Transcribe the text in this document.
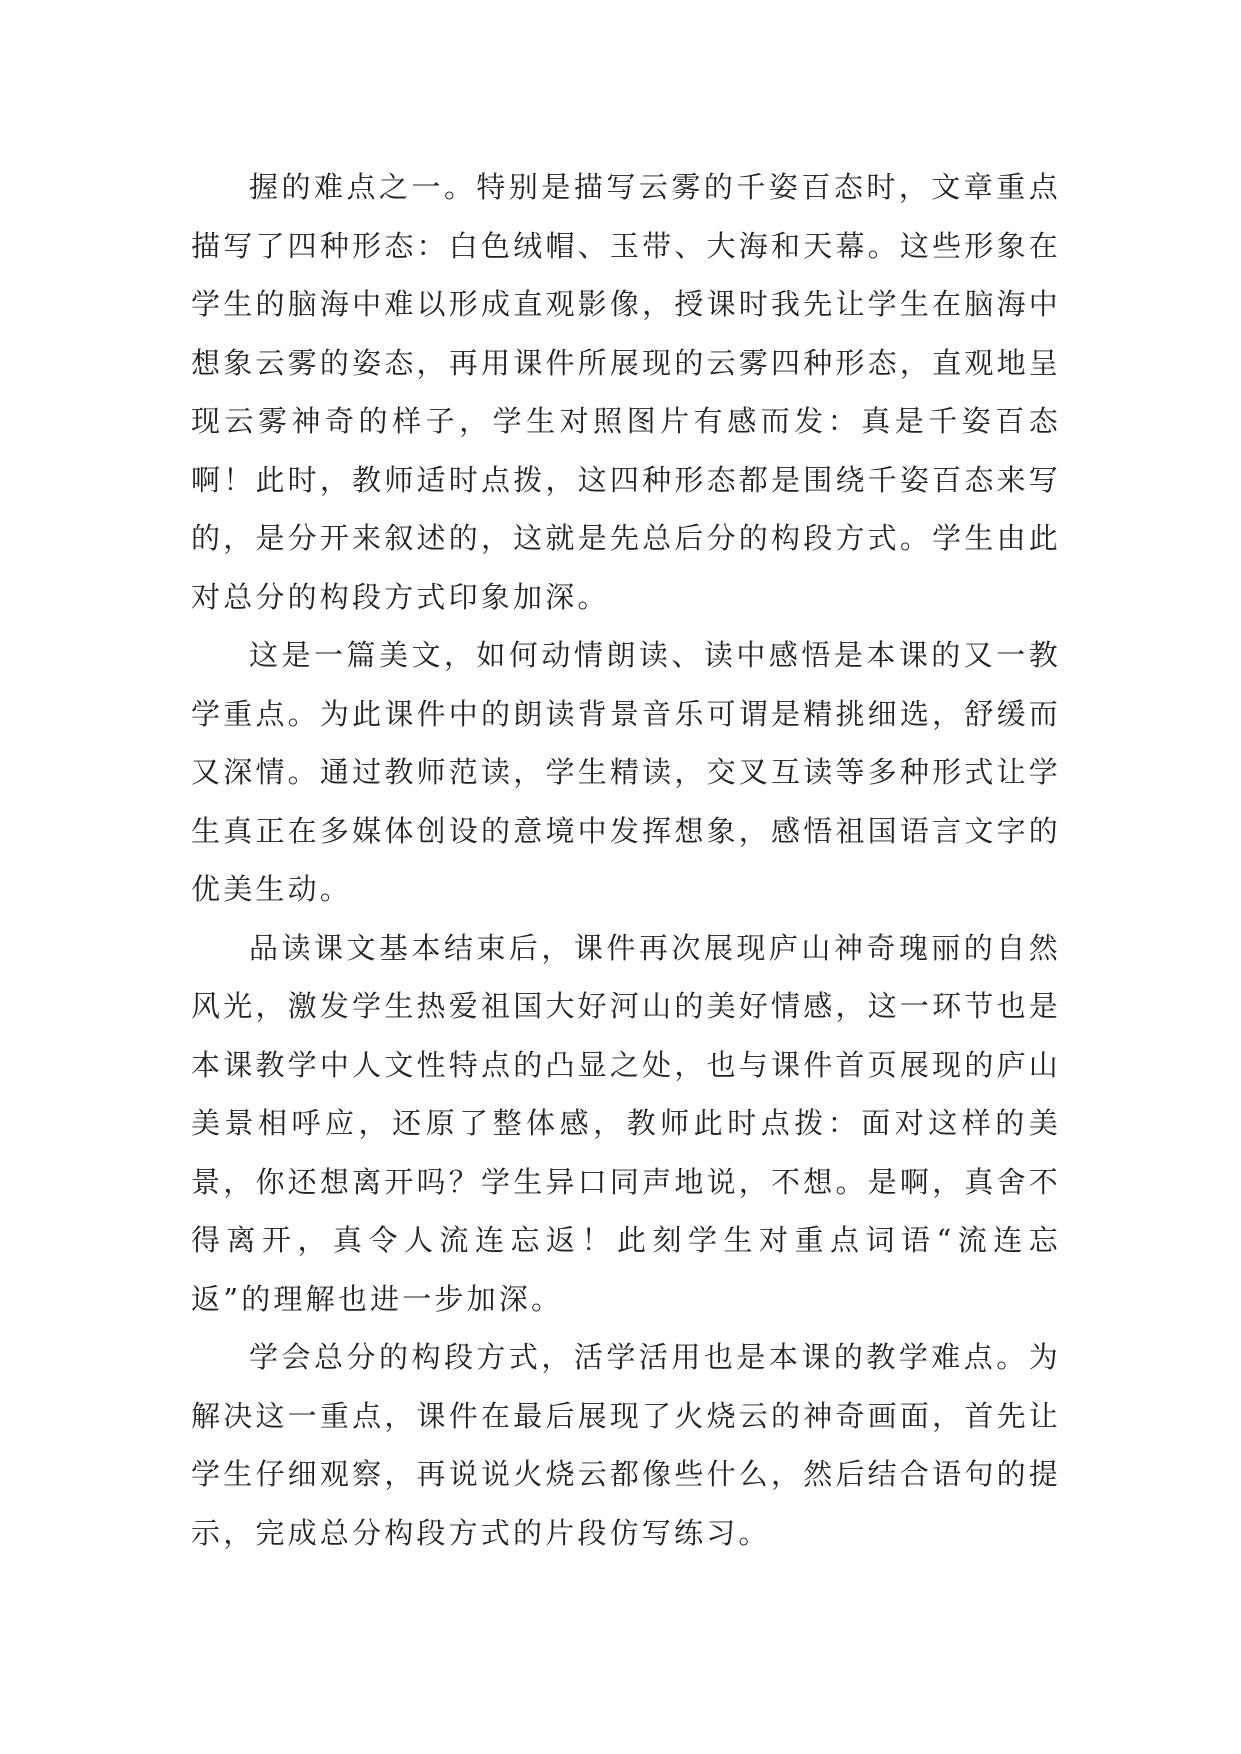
握的难点之一。特别是描写云雾的千姿百态时，文章重点描写了四种形态：白色绒帽、玉带、大海和天幕。这些形象在学生的脑海中难以形成直观影像，授课时我先让学生在脑海中想象云雾的姿态，再用课件所展现的云雾四种形态，直观地呈现云雾神奇的样子，学生对照图片有感而发：真是千姿百态啊！此时，教师适时点拨，这四种形态都是围绕千姿百态来写的，是分开来叙述的，这就是先总后分的构段方式。学生由此对总分的构段方式印象加深。

这是一篇美文，如何动情朗读、读中感悟是本课的又一教学重点。为此课件中的朗读背景音乐可谓是精挑细选，舒缓而又深情。通过教师范读，学生精读，交叉互读等多种形式让学生真正在多媒体创设的意境中发挥想象，感悟祖国语言文字的优美生动。

品读课文基本结束后，课件再次展现庐山神奇瑰丽的自然风光，激发学生热爱祖国大好河山的美好情感，这一环节也是本课教学中人文性特点的凸显之处，也与课件首页展现的庐山美景相呼应，还原了整体感，教师此时点拨：面对这样的美景，你还想离开吗？学生异口同声地说，不想。是啊，真舍不得离开，真令人流连忘返！此刻学生对重点词语“流连忘返”的理解也进一步加深。

学会总分的构段方式，活学活用也是本课的教学难点。为解决这一重点，课件在最后展现了火烧云的神奇画面，首先让学生仔细观察，再说说火烧云都像些什么，然后结合语句的提示，完成总分构段方式的片段仿写练习。
